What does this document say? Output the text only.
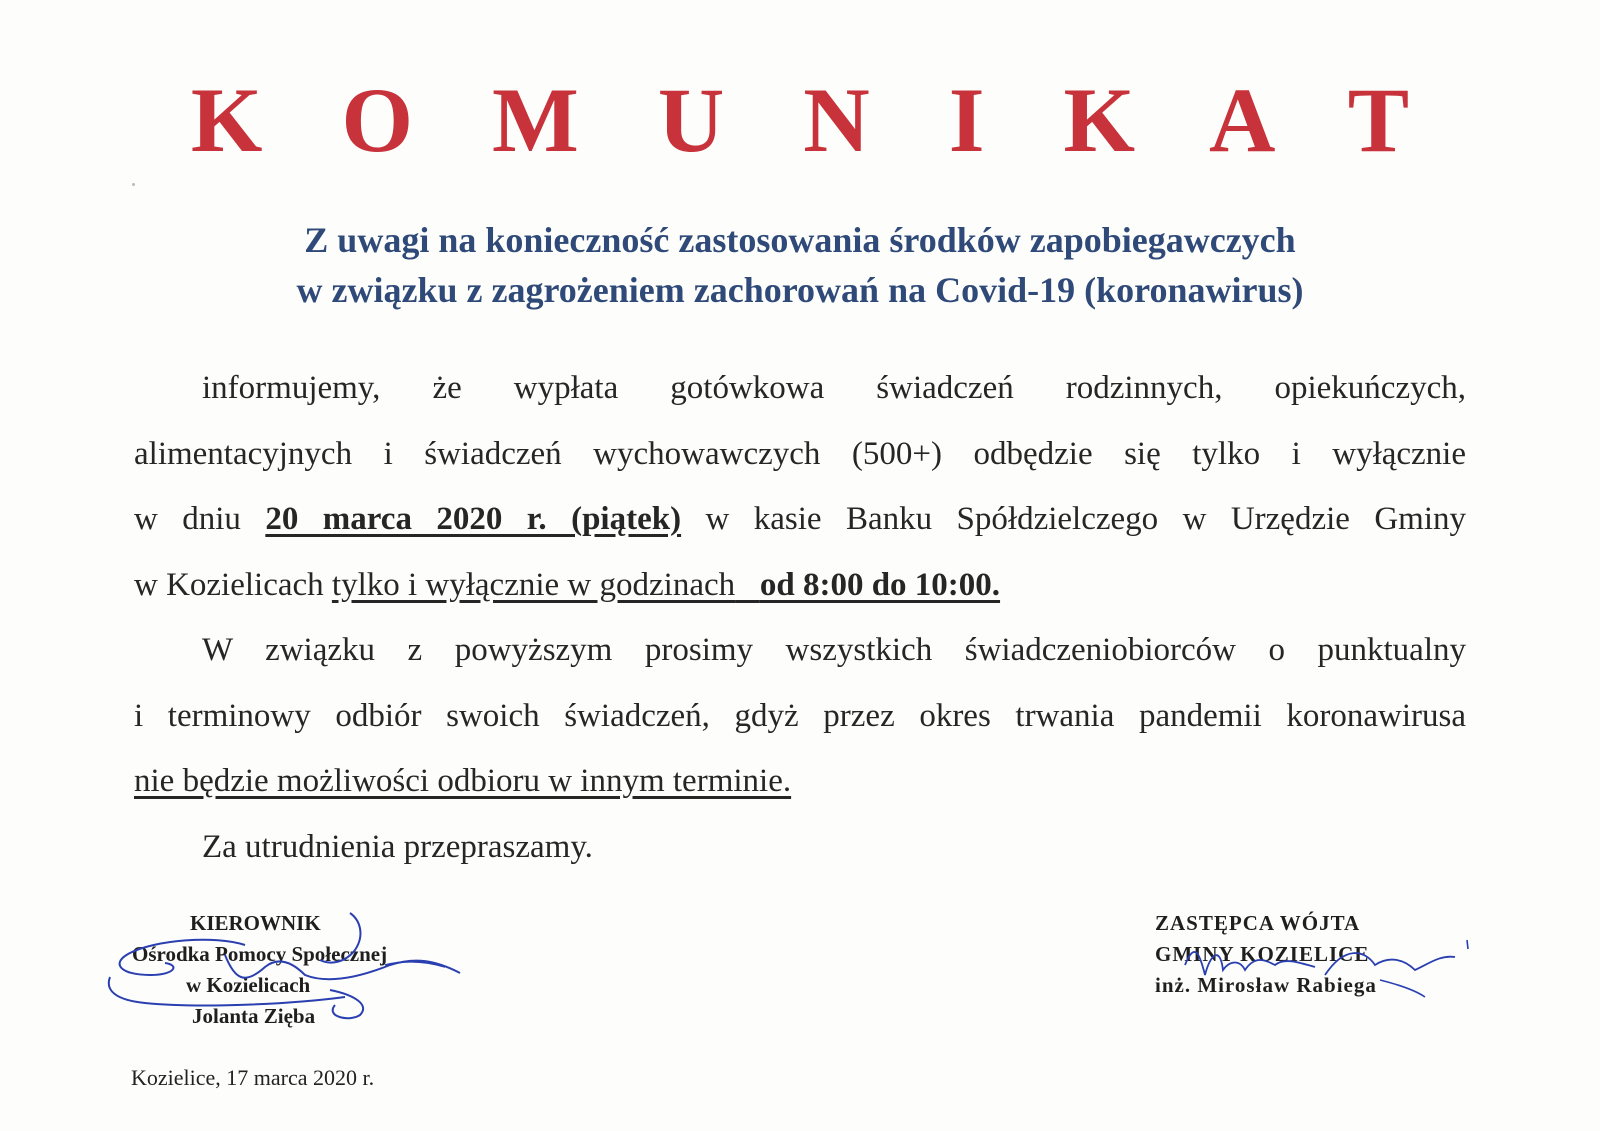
K O M U N I K A T
Z uwagi na konieczność zastosowania środków zapobiegawczych
w związku z zagrożeniem zachorowań na Covid-19 (koronawirus)
informujemy, że wypłata gotówkowa świadczeń rodzinnych, opiekuńczych,
alimentacyjnych i świadczeń wychowawczych (500+) odbędzie się tylko i wyłącznie
w dniu 20 marca 2020 r. (piątek) w kasie Banku Spółdzielczego w Urzędzie Gminy
w Kozielicach tylko i wyłącznie w godzinach od 8:00 do 10:00.
W związku z powyższym prosimy wszystkich świadczeniobiorców o punktualny
i terminowy odbiór swoich świadczeń, gdyż przez okres trwania pandemii koronawirusa
nie będzie możliwości odbioru w innym terminie.
Za utrudnienia przepraszamy.
KIEROWNIK
Ośrodka Pomocy Społecznej
w Kozielicach
Jolanta Zięba
ZASTĘPCA WÓJTA
GMINY KOZIELICE
inż. Mirosław Rabiega
Kozielice, 17 marca 2020 r.
